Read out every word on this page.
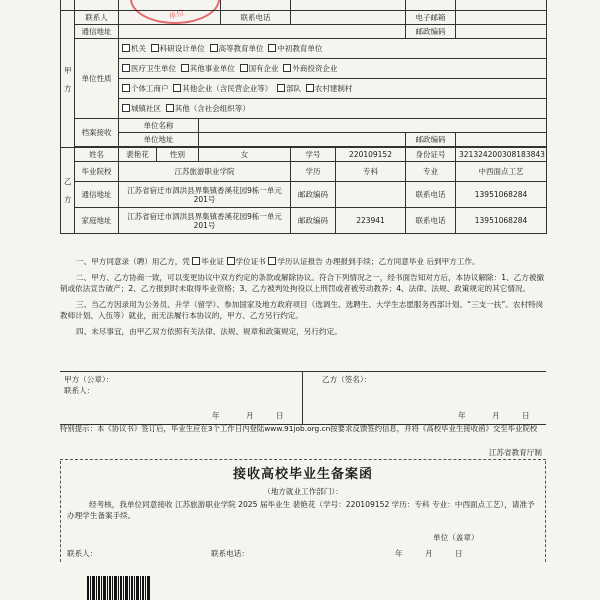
单位

甲

方	联系人				联系电话			电子邮箱	
	通信地址							邮政编码	
	单位性质	机关 科研设计单位 高等教育单位 中初教育单位							
		医疗卫生单位 其他事业单位 国有企业 外商投资企业							
		个体工商户 其他企业（含民营企业等） 部队 农村建制村							
		城镇社区 其他（含社会组织等）							
	档案接收	单位名称							
		单位地址						邮政编码	

乙

方	姓名	裴艳花	性别	女		学号	220109152	身份证号	321324200308183843
	毕业院校	江苏旅游职业学院				学历	专科	专业	中西面点工艺
	通信地址	江苏省宿迁市泗洪县界集镇香溪花园9栋一单元201号				邮政编码		联系电话	13951068284
	家庭地址	江苏省宿迁市泗洪县界集镇香溪花园9栋一单元201号				邮政编码	223941	联系电话	13951068284

一、甲方同意录（聘）用乙方，凭 毕业证 学位证书 学历认证报告 办理报到手续；乙方同意毕业 后到甲方工作。

二、甲方、乙方协商一致，可以变更协议中双方约定的条款或解除协议。符合下列情况之一，经书面告知对方后，本协议解除：1、乙方被撤销或依法宣告破产；2、乙方报到时未取得毕业资格；3、乙方被判处拘役以上刑罚或者被劳动教养；4、法律、法规、政策规定的其它情况。

三、当乙方因录用为公务员、升学（留学）、参加国家及地方政府项目（选调生、选聘生、大学生志愿服务西部计划、“三支一扶”、农村特岗教师计划、入伍等）就业，而无法履行本协议的，甲方、乙方另行约定。

四、未尽事宜，由甲乙双方依照有关法律、法规、规章和政策规定，另行约定。

甲方（公章）：
联系人：
年	月	日
乙方（签名）：
年	月	日
特别提示：本《协议书》签订后，毕业生应在3个工作日内登陆www.91job.org.cn按要求反馈签约信息，并将《高校毕业生接收函》交至毕业院校
江苏省教育厅制
接收高校毕业生备案函
（地方就业工作部门）：
经考核，我单位同意接收 江苏旅游职业学院 2025 届毕业生 裴艳花（学号：220109152 学历：专科 专业：中西面点工艺），请准予办理学生备案手续。
单位（盖章）
联系人：	联系电话：	年	月	日
